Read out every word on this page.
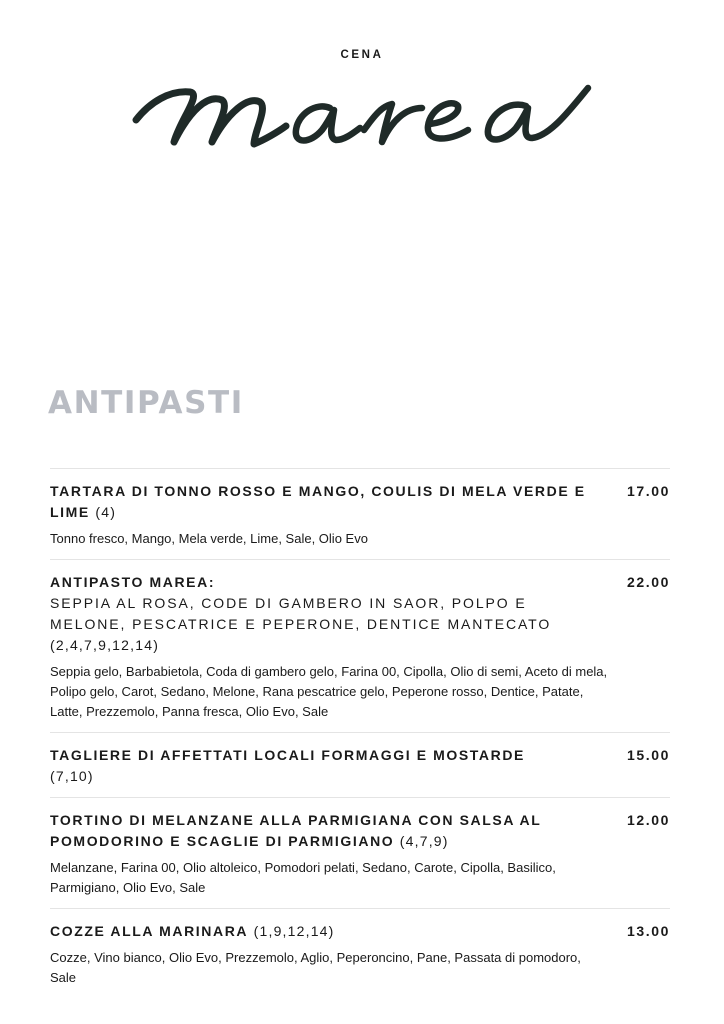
CENA
ANTIPASTI
TARTARA DI TONNO ROSSO E MANGO, COULIS DI MELA VERDE E LIME (4)
17.00
Tonno fresco, Mango, Mela verde, Lime, Sale, Olio Evo
ANTIPASTO MAREA:
SEPPIA AL ROSA, CODE DI GAMBERO IN SAOR, POLPO E MELONE, PESCATRICE E PEPERONE, DENTICE MANTECATO (2,4,7,9,12,14)
22.00
Seppia gelo, Barbabietola, Coda di gambero gelo, Farina 00, Cipolla, Olio di semi, Aceto di mela, Polipo gelo, Carot, Sedano, Melone, Rana pescatrice gelo, Peperone rosso, Dentice, Patate, Latte, Prezzemolo, Panna fresca, Olio Evo, Sale
TAGLIERE DI AFFETTATI LOCALI FORMAGGI E MOSTARDE
(7,10)
15.00
TORTINO DI MELANZANE ALLA PARMIGIANA CON SALSA AL POMODORINO E SCAGLIE DI PARMIGIANO (4,7,9)
12.00
Melanzane, Farina 00, Olio altoleico, Pomodori pelati, Sedano, Carote, Cipolla, Basilico, Parmigiano, Olio Evo, Sale
COZZE ALLA MARINARA (1,9,12,14)	13.00
Cozze, Vino bianco, Olio Evo, Prezzemolo, Aglio, Peperoncino, Pane, Passata di pomodoro, Sale
